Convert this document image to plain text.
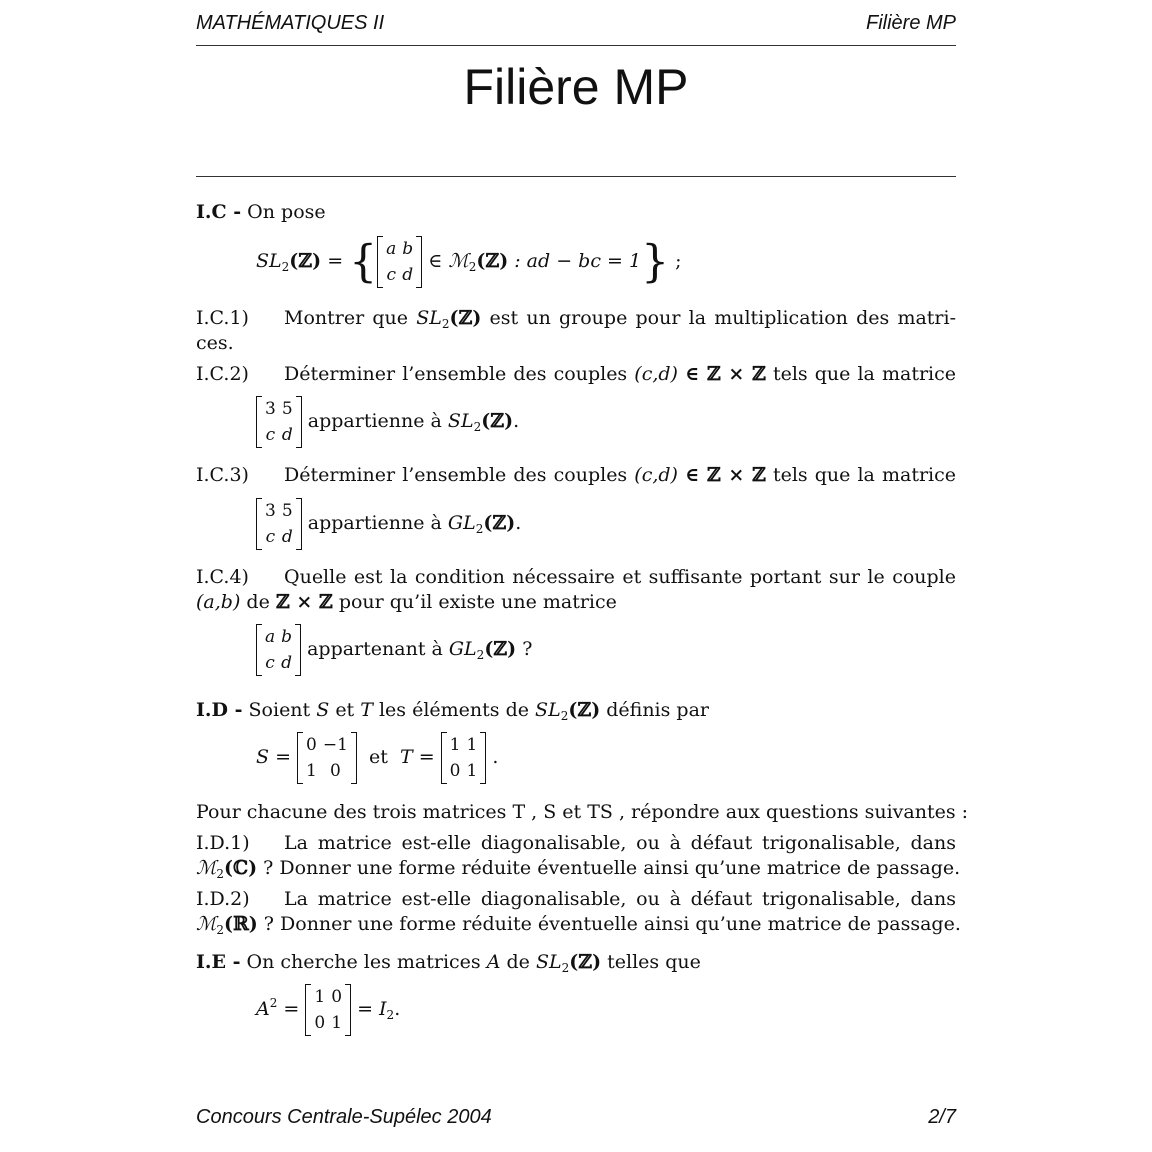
MATHÉMATIQUES II	Filière MP
Filière MP
I.C - On pose
$SL_2(ℤ)$ = { a	b
c	d
∈ ℳ$_2$(ℤ) : ad − bc = 1} ;
I.C.1) Montrer que $SL_2(ℤ)$ est un groupe pour la multiplication des matri-
ces.
I.C.2) Déterminer l’ensemble des couples (c,d) ∈ ℤ × ℤ tels que la matrice
3	5
c	d
appartienne à $SL_2(ℤ)$.
I.C.3) Déterminer l’ensemble des couples (c,d) ∈ ℤ × ℤ tels que la matrice
3	5
c	d
appartienne à $GL_2(ℤ)$.
I.C.4) Quelle est la condition nécessaire et suffisante portant sur le couple
(a,b) de ℤ × ℤ pour qu’il existe une matrice
a	b
c	d
appartenant à $GL_2(ℤ)$ ?
I.D - Soient S et T les éléments de $SL_2(ℤ)$ définis par
S =
0	−1
1	0
et  T =
1	1
0	1
.
Pour chacune des trois matrices T , S et TS , répondre aux questions suivantes :
I.D.1) La matrice est-elle diagonalisable, ou à défaut trigonalisable, dans
ℳ$_2$(ℂ) ? Donner une forme réduite éventuelle ainsi qu’une matrice de passage.
I.D.2) La matrice est-elle diagonalisable, ou à défaut trigonalisable, dans
ℳ$_2$(ℝ) ? Donner une forme réduite éventuelle ainsi qu’une matrice de passage.
I.E - On cherche les matrices A de $SL_2(ℤ)$ telles que
$A^2$ =
1	0
0	1
= $I_2$.
Concours Centrale-Supélec 2004	2/7
